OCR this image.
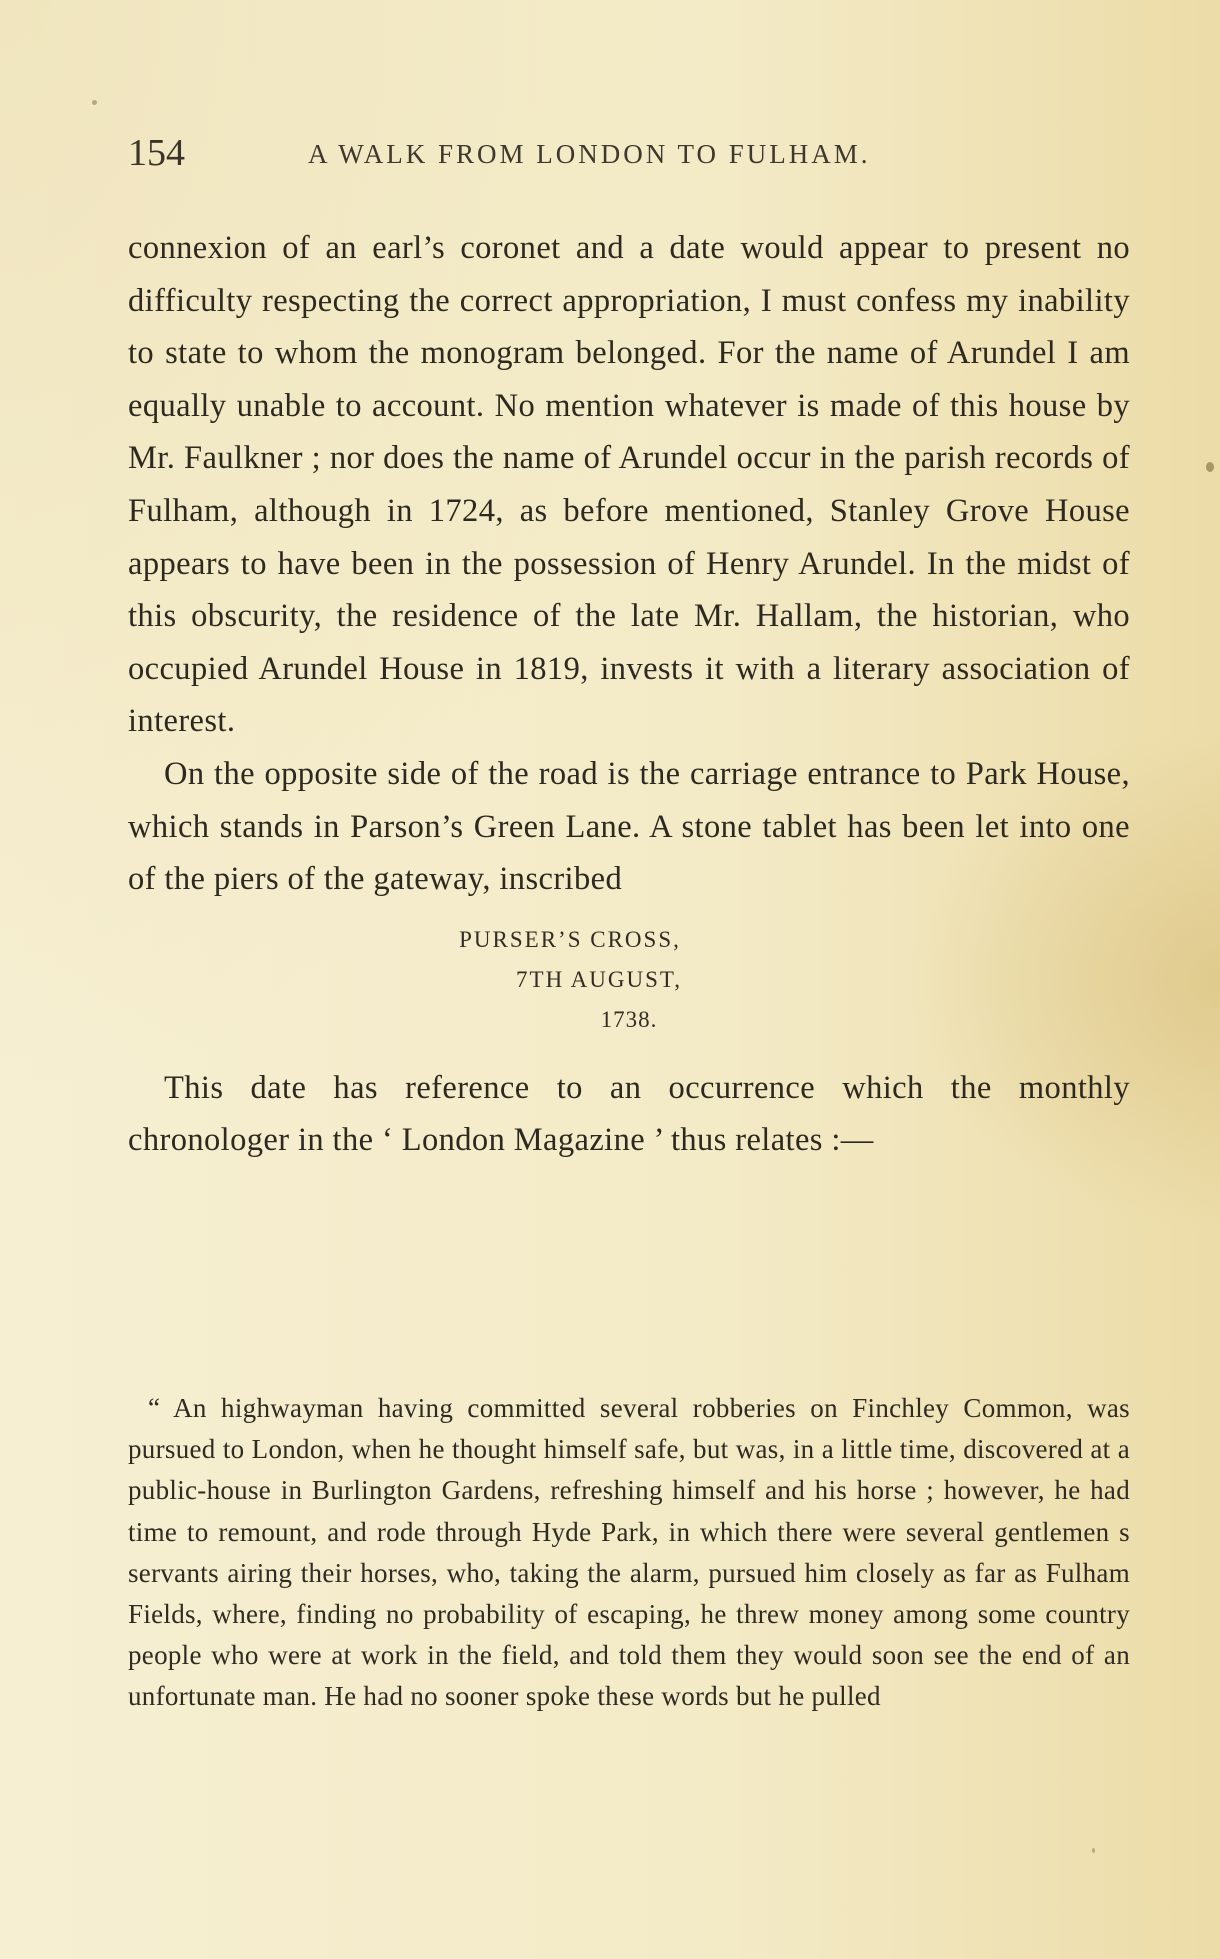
154	A WALK FROM LONDON TO FULHAM.

connexion of an earl’s coronet and a date would appear to present no difficulty respecting the correct appropriation, I must confess my inability to state to whom the monogram belonged. For the name of Arundel I am equally unable to account. No mention whatever is made of this house by Mr. Faulkner ; nor does the name of Arundel occur in the parish records of Fulham, although in 1724, as before mentioned, Stanley Grove House appears to have been in the possession of Henry Arundel. In the midst of this obscurity, the residence of the late Mr. Hallam, the historian, who occupied Arundel House in 1819, invests it with a literary association of interest.

On the opposite side of the road is the carriage entrance to Park House, which stands in Parson’s Green Lane. A stone tablet has been let into one of the piers of the gateway, inscribed

PURSER’S CROSS,
7TH AUGUST,
1738.

This date has reference to an occurrence which the monthly chronologer in the ‘ London Magazine ’ thus relates :—

“ An highwayman having committed several robberies on Finchley Common, was pursued to London, when he thought himself safe, but was, in a little time, discovered at a public-house in Burlington Gardens, refreshing himself and his horse ; however, he had time to remount, and rode through Hyde Park, in which there were several gentlemen s servants airing their horses, who, taking the alarm, pursued him closely as far as Fulham Fields, where, finding no probability of escaping, he threw money among some country people who were at work in the field, and told them they would soon see the end of an unfortunate man. He had no sooner spoke these words but he pulled
